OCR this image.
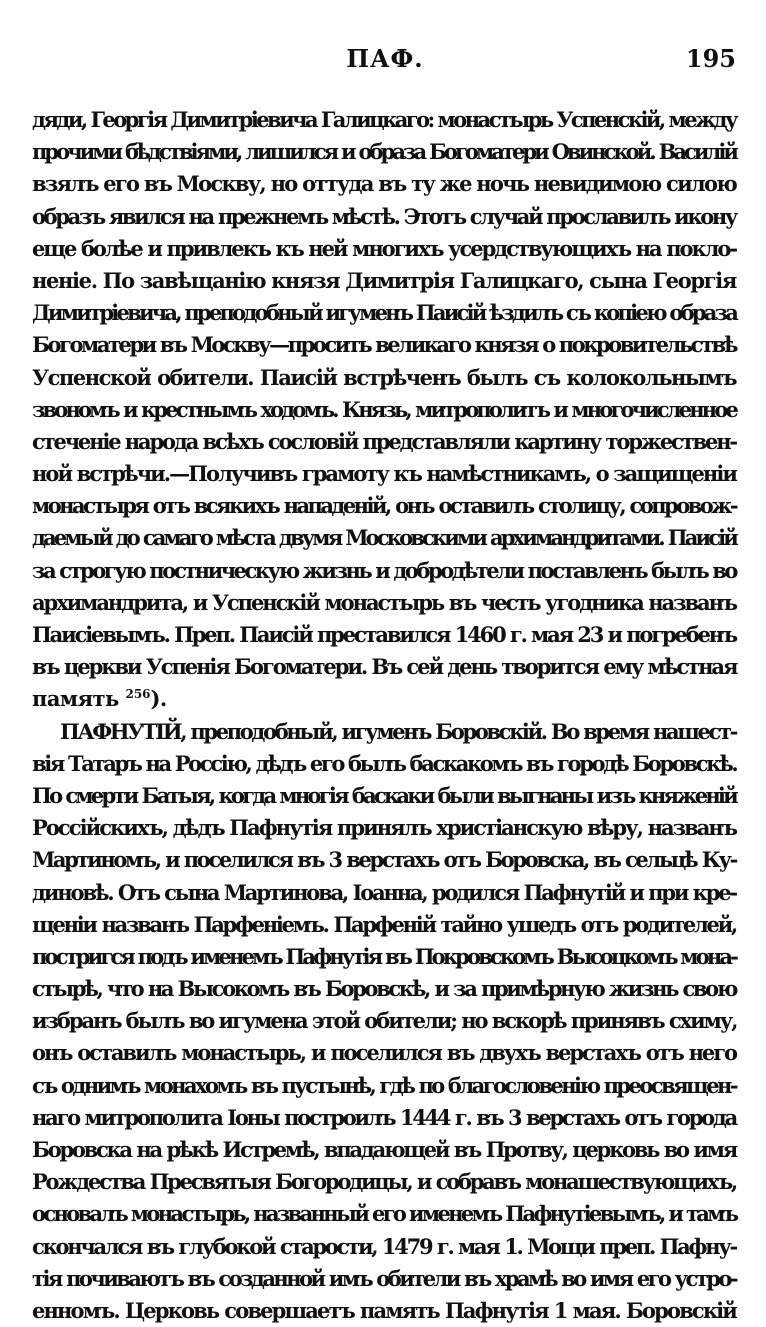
ПАФ.	195
дяди, Георгія Димитріевича Галицкаго: монастырь Успенскій, между
прочими бѣдствіями, лишился и образа Богоматери Овинской. Василій
взялъ его въ Москву, но оттуда въ ту же ночь невидимою силою
образъ явился на прежнемъ мѣстѣ. Этотъ случай прославилъ икону
еще болѣе и привлекъ къ ней многихъ усердствующихъ на покло-
неніе. По завѣщанію князя Димитрія Галицкаго, сына Георгія
Димитріевича, преподобный игуменъ Паисій ѣздилъ съ копіею образа
Богоматери въ Москву—просить великаго князя о покровительствѣ
Успенской обители. Паисій встрѣченъ былъ съ колокольнымъ
звономъ и крестнымъ ходомъ. Князь, митрополитъ и многочисленное
стеченіе народа всѣхъ сословій представляли картину торжествен-
ной встрѣчи.—Получивъ грамоту къ намѣстникамъ, о защищеніи
монастыря отъ всякихъ нападеній, онъ оставилъ столицу, сопровож-
даемый до самаго мѣста двумя Московскими архимандритами. Паисій
за строгую постническую жизнь и добродѣтели поставленъ былъ во
архимандрита, и Успенскій монастырь въ честь угодника названъ
Паисіевымъ. Преп. Паисій преставился 1460 г. мая 23 и погребенъ
въ церкви Успенія Богоматери. Въ сей день творится ему мѣстная
память $^{256}$).
ПАФНУТІЙ, преподобный, игуменъ Боровскій. Во время нашест-
вія Татаръ на Россію, дѣдъ его былъ баскакомъ въ городѣ Боровскѣ.
По смерти Батыя, когда многія баскаки были выгнаны изъ княженій
Россійскихъ, дѣдъ Пафнутія принялъ христіанскую вѣру, названъ
Мартиномъ, и поселился въ 3 верстахъ отъ Боровска, въ сельцѣ Ку-
диновѣ. Отъ сына Мартинова, Іоанна, родился Пафнутій и при кре-
щеніи названъ Парфеніемъ. Парфеній тайно ушедъ отъ родителей,
постригся подъ именемъ Пафнутія въ Покровскомъ Высоцкомъ мона-
стырѣ, что на Высокомъ въ Боровскѣ, и за примѣрную жизнь свою
избранъ былъ во игумена этой обители; но вскорѣ принявъ схиму,
онъ оставилъ монастырь, и поселился въ двухъ верстахъ отъ него
съ однимъ монахомъ въ пустынѣ, гдѣ по благословенію преосвящен-
наго митрополита Іоны построилъ 1444 г. въ 3 верстахъ отъ города
Боровска на рѣкѣ Истремѣ, впадающей въ Протву, церковь во имя
Рождества Пресвятыя Богородицы, и собравъ монашествующихъ,
основалъ монастырь, названный его именемъ Пафнутіевымъ, и тамъ
скончался въ глубокой старости, 1479 г. мая 1. Мощи преп. Пафну-
тія почиваютъ въ созданной имъ обители въ храмѣ во имя его устро-
енномъ. Церковь совершаетъ память Пафнутія 1 мая. Боровскій
